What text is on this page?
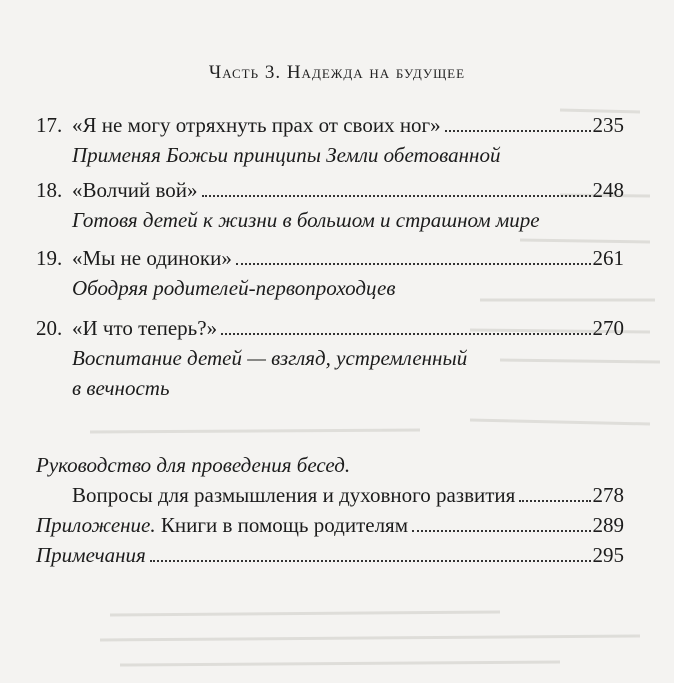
Часть 3. Надежда на будущее
17. «Я не могу отряхнуть прах от своих ног»	235
Применяя Божьи принципы Земли обетованной
18. «Волчий вой»	248
Готовя детей к жизни в большом и страшном мире
19. «Мы не одиноки»	261
Ободряя родителей-первопроходцев
20. «И что теперь?»	270
Воспитание детей — взгляд, устремленный
в вечность
Руководство для проведения бесед.
Вопросы для размышления и духовного развития	278
Приложение. Книги в помощь родителям	289
Примечания	295
